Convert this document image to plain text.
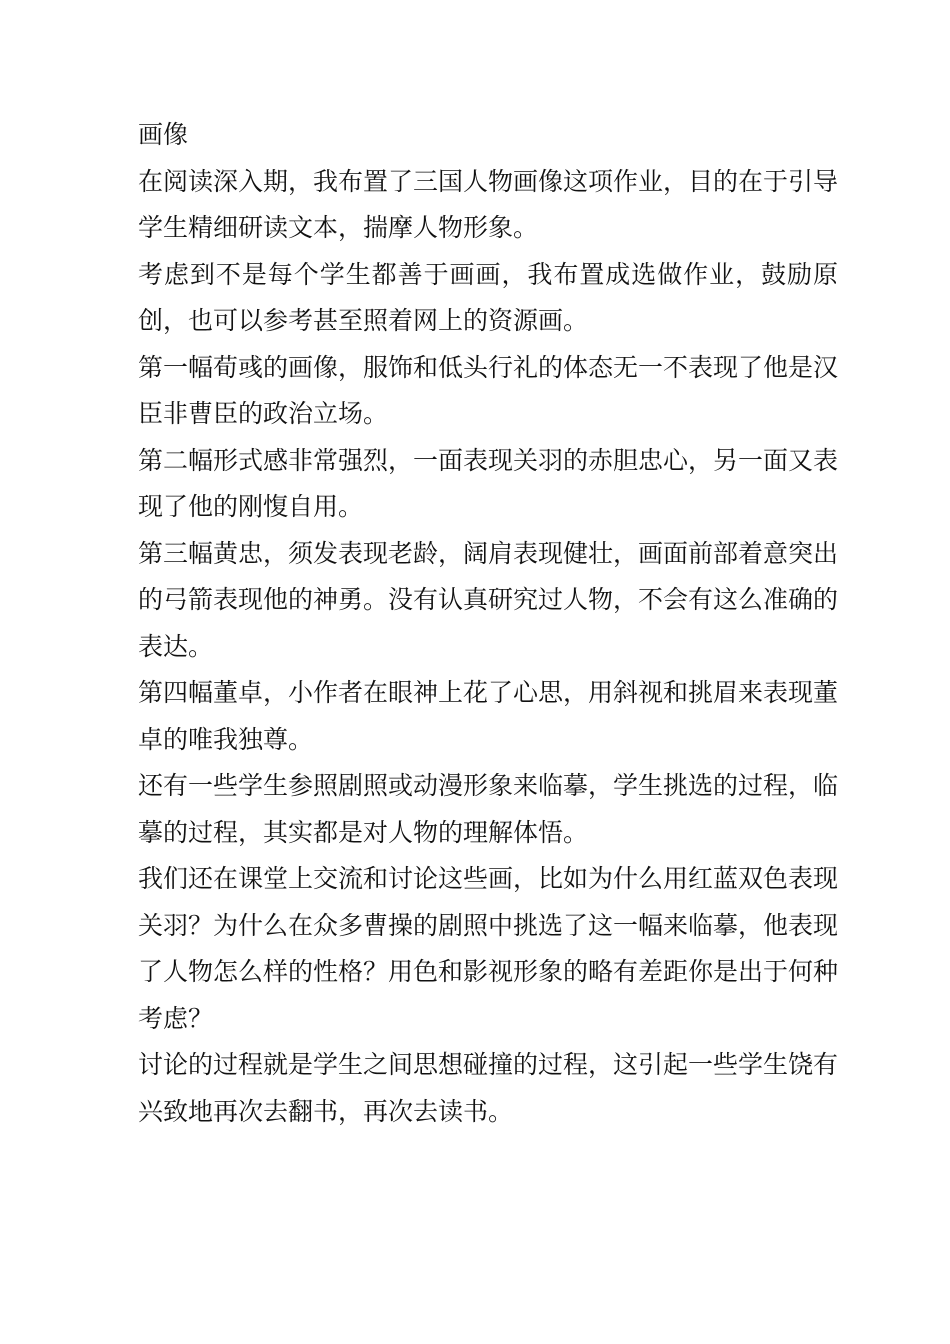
画像

在阅读深入期，我布置了三国人物画像这项作业，目的在于引导学生精细研读文本，揣摩人物形象。

考虑到不是每个学生都善于画画，我布置成选做作业，鼓励原创，也可以参考甚至照着网上的资源画。

第一幅荀彧的画像，服饰和低头行礼的体态无一不表现了他是汉臣非曹臣的政治立场。

第二幅形式感非常强烈，一面表现关羽的赤胆忠心，另一面又表现了他的刚愎自用。

第三幅黄忠，须发表现老龄，阔肩表现健壮，画面前部着意突出的弓箭表现他的神勇。没有认真研究过人物，不会有这么准确的表达。

第四幅董卓，小作者在眼神上花了心思，用斜视和挑眉来表现董卓的唯我独尊。

还有一些学生参照剧照或动漫形象来临摹，学生挑选的过程，临摹的过程，其实都是对人物的理解体悟。

我们还在课堂上交流和讨论这些画，比如为什么用红蓝双色表现关羽？为什么在众多曹操的剧照中挑选了这一幅来临摹，他表现了人物怎么样的性格？用色和影视形象的略有差距你是出于何种考虑？

讨论的过程就是学生之间思想碰撞的过程，这引起一些学生饶有兴致地再次去翻书，再次去读书。
